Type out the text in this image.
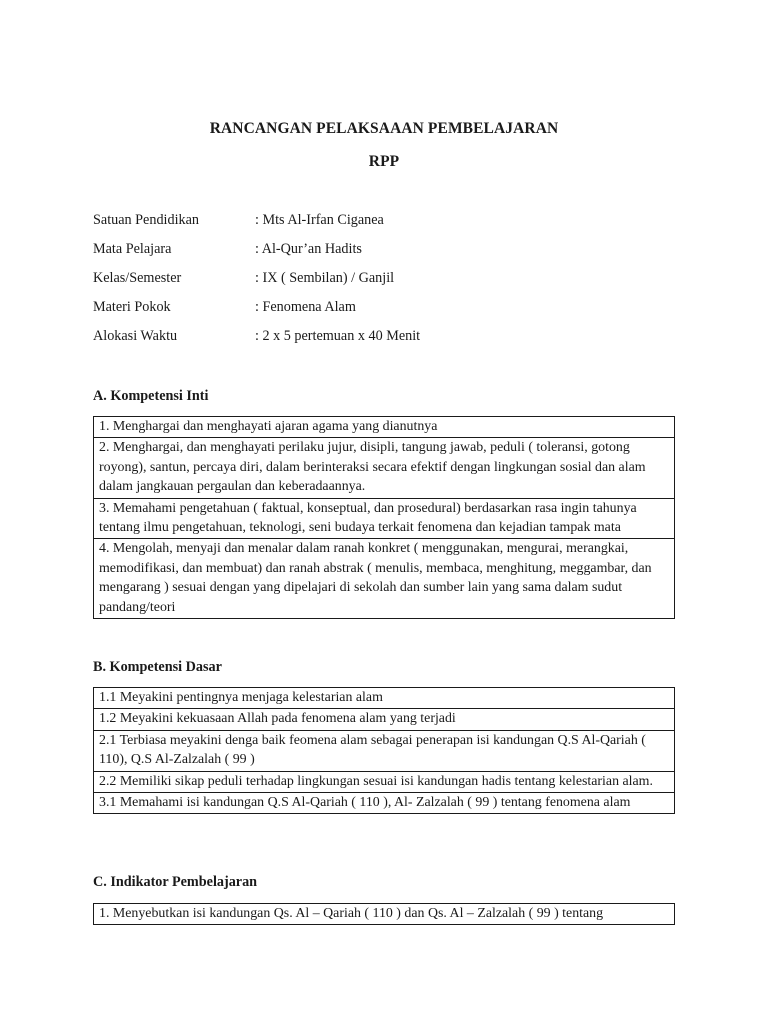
RANCANGAN PELAKSAAAN PEMBELAJARAN
RPP
Satuan Pendidikan	: Mts Al-Irfan Ciganea
Mata Pelajara	: Al-Qur’an Hadits
Kelas/Semester	: IX ( Sembilan) / Ganjil
Materi Pokok	: Fenomena Alam
Alokasi Waktu	: 2 x 5 pertemuan x 40 Menit
A. Kompetensi Inti
1. Menghargai dan menghayati ajaran agama yang dianutnya
2. Menghargai, dan menghayati perilaku jujur, disipli, tangung jawab, peduli ( toleransi, gotong royong), santun, percaya diri, dalam berinteraksi secara efektif dengan lingkungan sosial dan alam dalam jangkauan pergaulan dan keberadaannya.
3. Memahami pengetahuan ( faktual, konseptual, dan prosedural) berdasarkan rasa ingin tahunya tentang ilmu pengetahuan, teknologi, seni budaya terkait fenomena dan kejadian tampak mata
4. Mengolah, menyaji dan menalar dalam ranah konkret ( menggunakan, mengurai, merangkai, memodifikasi, dan membuat) dan ranah abstrak ( menulis, membaca, menghitung, meggambar, dan mengarang ) sesuai dengan yang dipelajari di sekolah dan sumber lain yang sama dalam sudut pandang/teori
B. Kompetensi Dasar
1.1 Meyakini pentingnya menjaga kelestarian alam
1.2 Meyakini kekuasaan Allah pada fenomena alam yang terjadi
2.1 Terbiasa meyakini denga baik feomena alam sebagai penerapan isi kandungan Q.S Al-Qariah ( 110), Q.S Al-Zalzalah ( 99 )
2.2 Memiliki sikap peduli terhadap lingkungan sesuai isi kandungan hadis tentang kelestarian alam.
3.1 Memahami isi kandungan Q.S Al-Qariah ( 110 ), Al- Zalzalah ( 99 ) tentang fenomena alam
C. Indikator Pembelajaran
1. Menyebutkan isi kandungan Qs. Al – Qariah ( 110 ) dan Qs. Al – Zalzalah ( 99 ) tentang
